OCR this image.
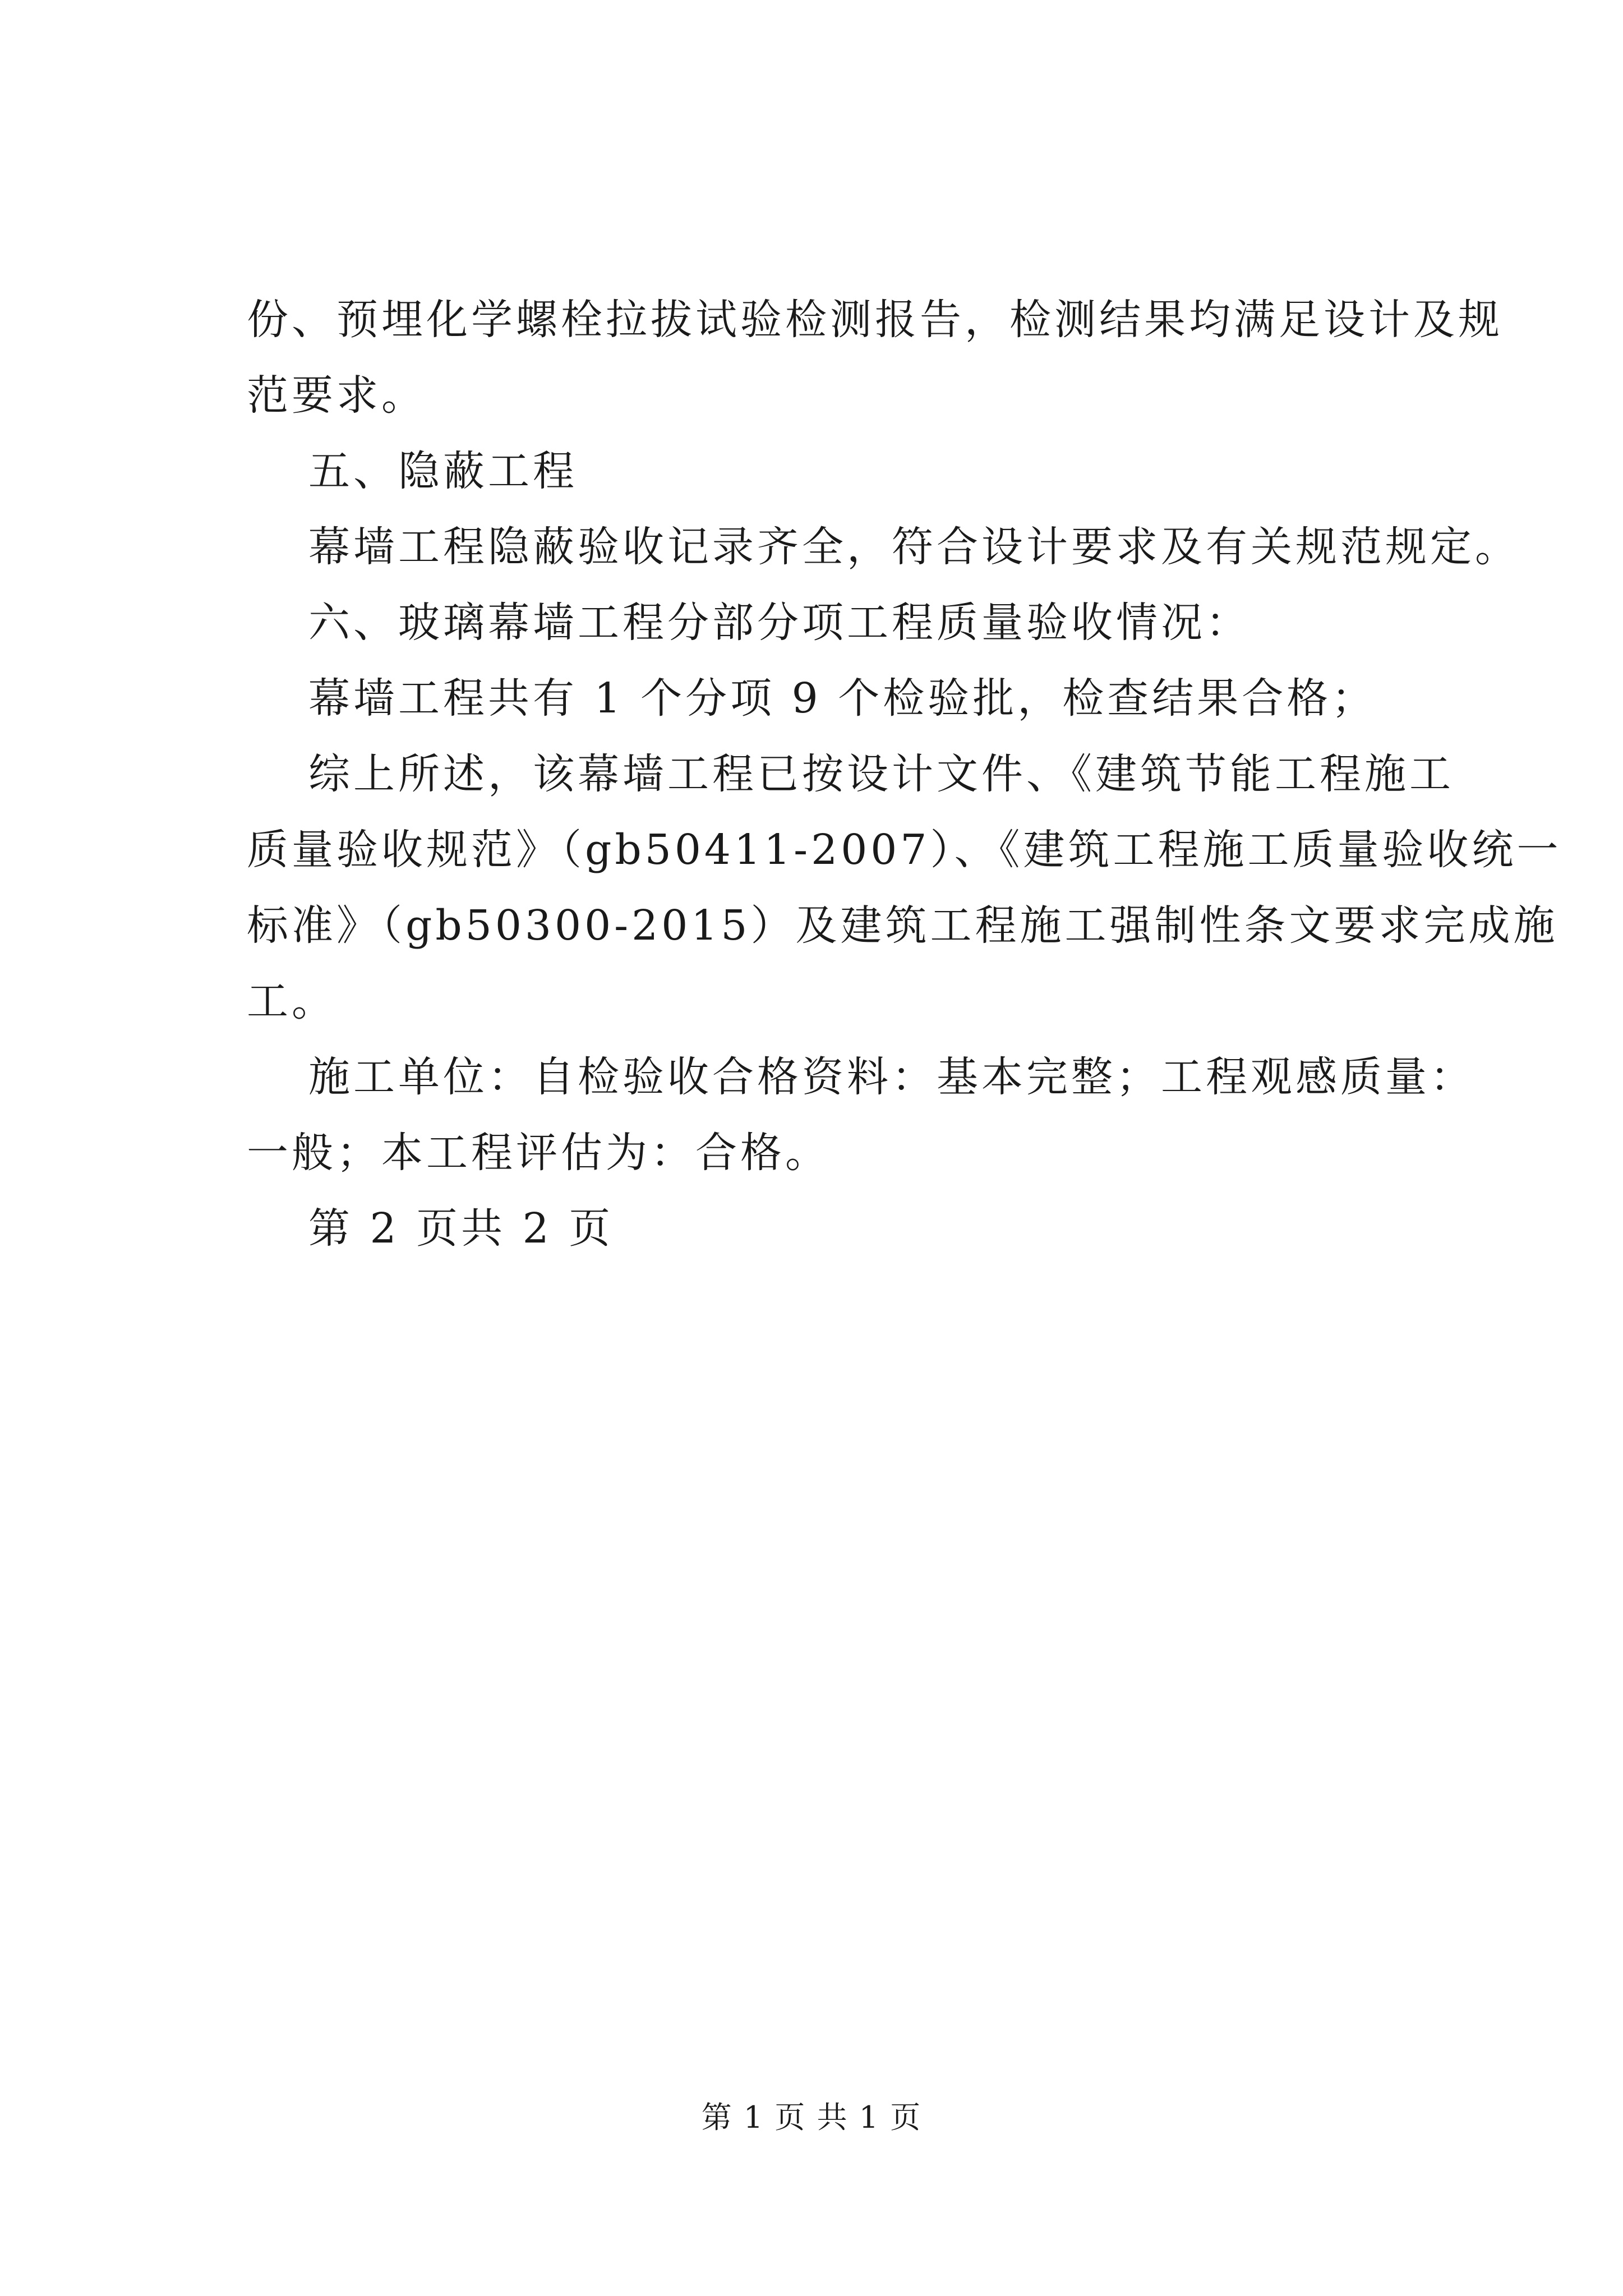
份、预埋化学螺栓拉拔试验检测报告，检测结果均满足设计及规
范要求。
五、隐蔽工程
幕墙工程隐蔽验收记录齐全，符合设计要求及有关规范规定。
六、玻璃幕墙工程分部分项工程质量验收情况：
幕墙工程共有 1 个分项 9 个检验批，检查结果合格；
综上所述，该幕墙工程已按设计文件、《建筑节能工程施工
质量验收规范》（gb50411-2007）、《建筑工程施工质量验收统一
标准》（gb50300-2015）及建筑工程施工强制性条文要求完成施
工。
施工单位：自检验收合格资料：基本完整；工程观感质量：
一般；本工程评估为：合格。
第 2 页共 2 页
第 1 页 共 1 页
